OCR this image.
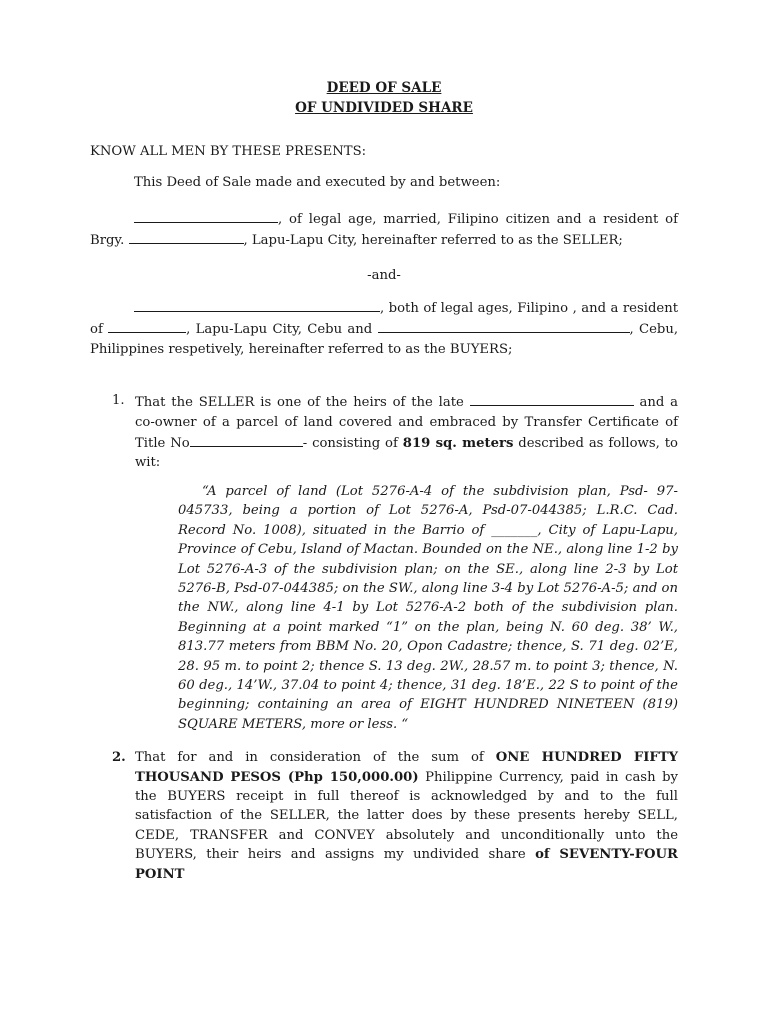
DEED OF SALE
OF UNDIVIDED SHARE

KNOW ALL MEN BY THESE PRESENTS:

This Deed of Sale made and executed by and between:

, of legal age, married, Filipino citizen and a resident of Brgy.	, Lapu-Lapu City, hereinafter referred to as the SELLER;

-and-

, both of legal ages, Filipino , and a resident of	, Lapu-Lapu City, Cebu and	, Cebu, Philippines respetively, hereinafter referred to as the BUYERS;

1. That the SELLER is one of the heirs of the late	and a co-owner of a parcel of land covered and embraced by Transfer Certificate of Title No	- consisting of 819 sq. meters described as follows, to wit:
“A parcel of land (Lot 5276-A-4 of the subdivision plan, Psd- 97-045733, being a portion of Lot 5276-A, Psd-07-044385; L.R.C. Cad. Record No. 1008), situated in the Barrio of _______, City of Lapu-Lapu, Province of Cebu, Island of Mactan. Bounded on the NE., along line 1-2 by Lot 5276-A-3 of the subdivision plan; on the SE., along line 2-3 by Lot 5276-B, Psd-07-044385; on the SW., along line 3-4 by Lot 5276-A-5; and on the NW., along line 4-1 by Lot 5276-A-2 both of the subdivision plan. Beginning at a point marked “1” on the plan, being N. 60 deg. 38’ W., 813.77 meters from BBM No. 20, Opon Cadastre; thence, S. 71 deg. 02’E, 28. 95 m. to point 2; thence S. 13 deg. 2W., 28.57 m. to point 3; thence, N. 60 deg., 14’W., 37.04 to point 4; thence, 31 deg. 18’E., 22 S to point of the beginning; containing an area of EIGHT HUNDRED NINETEEN (819) SQUARE METERS, more or less. “
2. That for and in consideration of the sum of ONE HUNDRED FIFTY THOUSAND PESOS (Php 150,000.00) Philippine Currency, paid in cash by the BUYERS receipt in full thereof is acknowledged by and to the full satisfaction of the SELLER, the latter does by these presents hereby SELL, CEDE, TRANSFER and CONVEY absolutely and unconditionally unto the BUYERS, their heirs and assigns my undivided share of SEVENTY-FOUR POINT
